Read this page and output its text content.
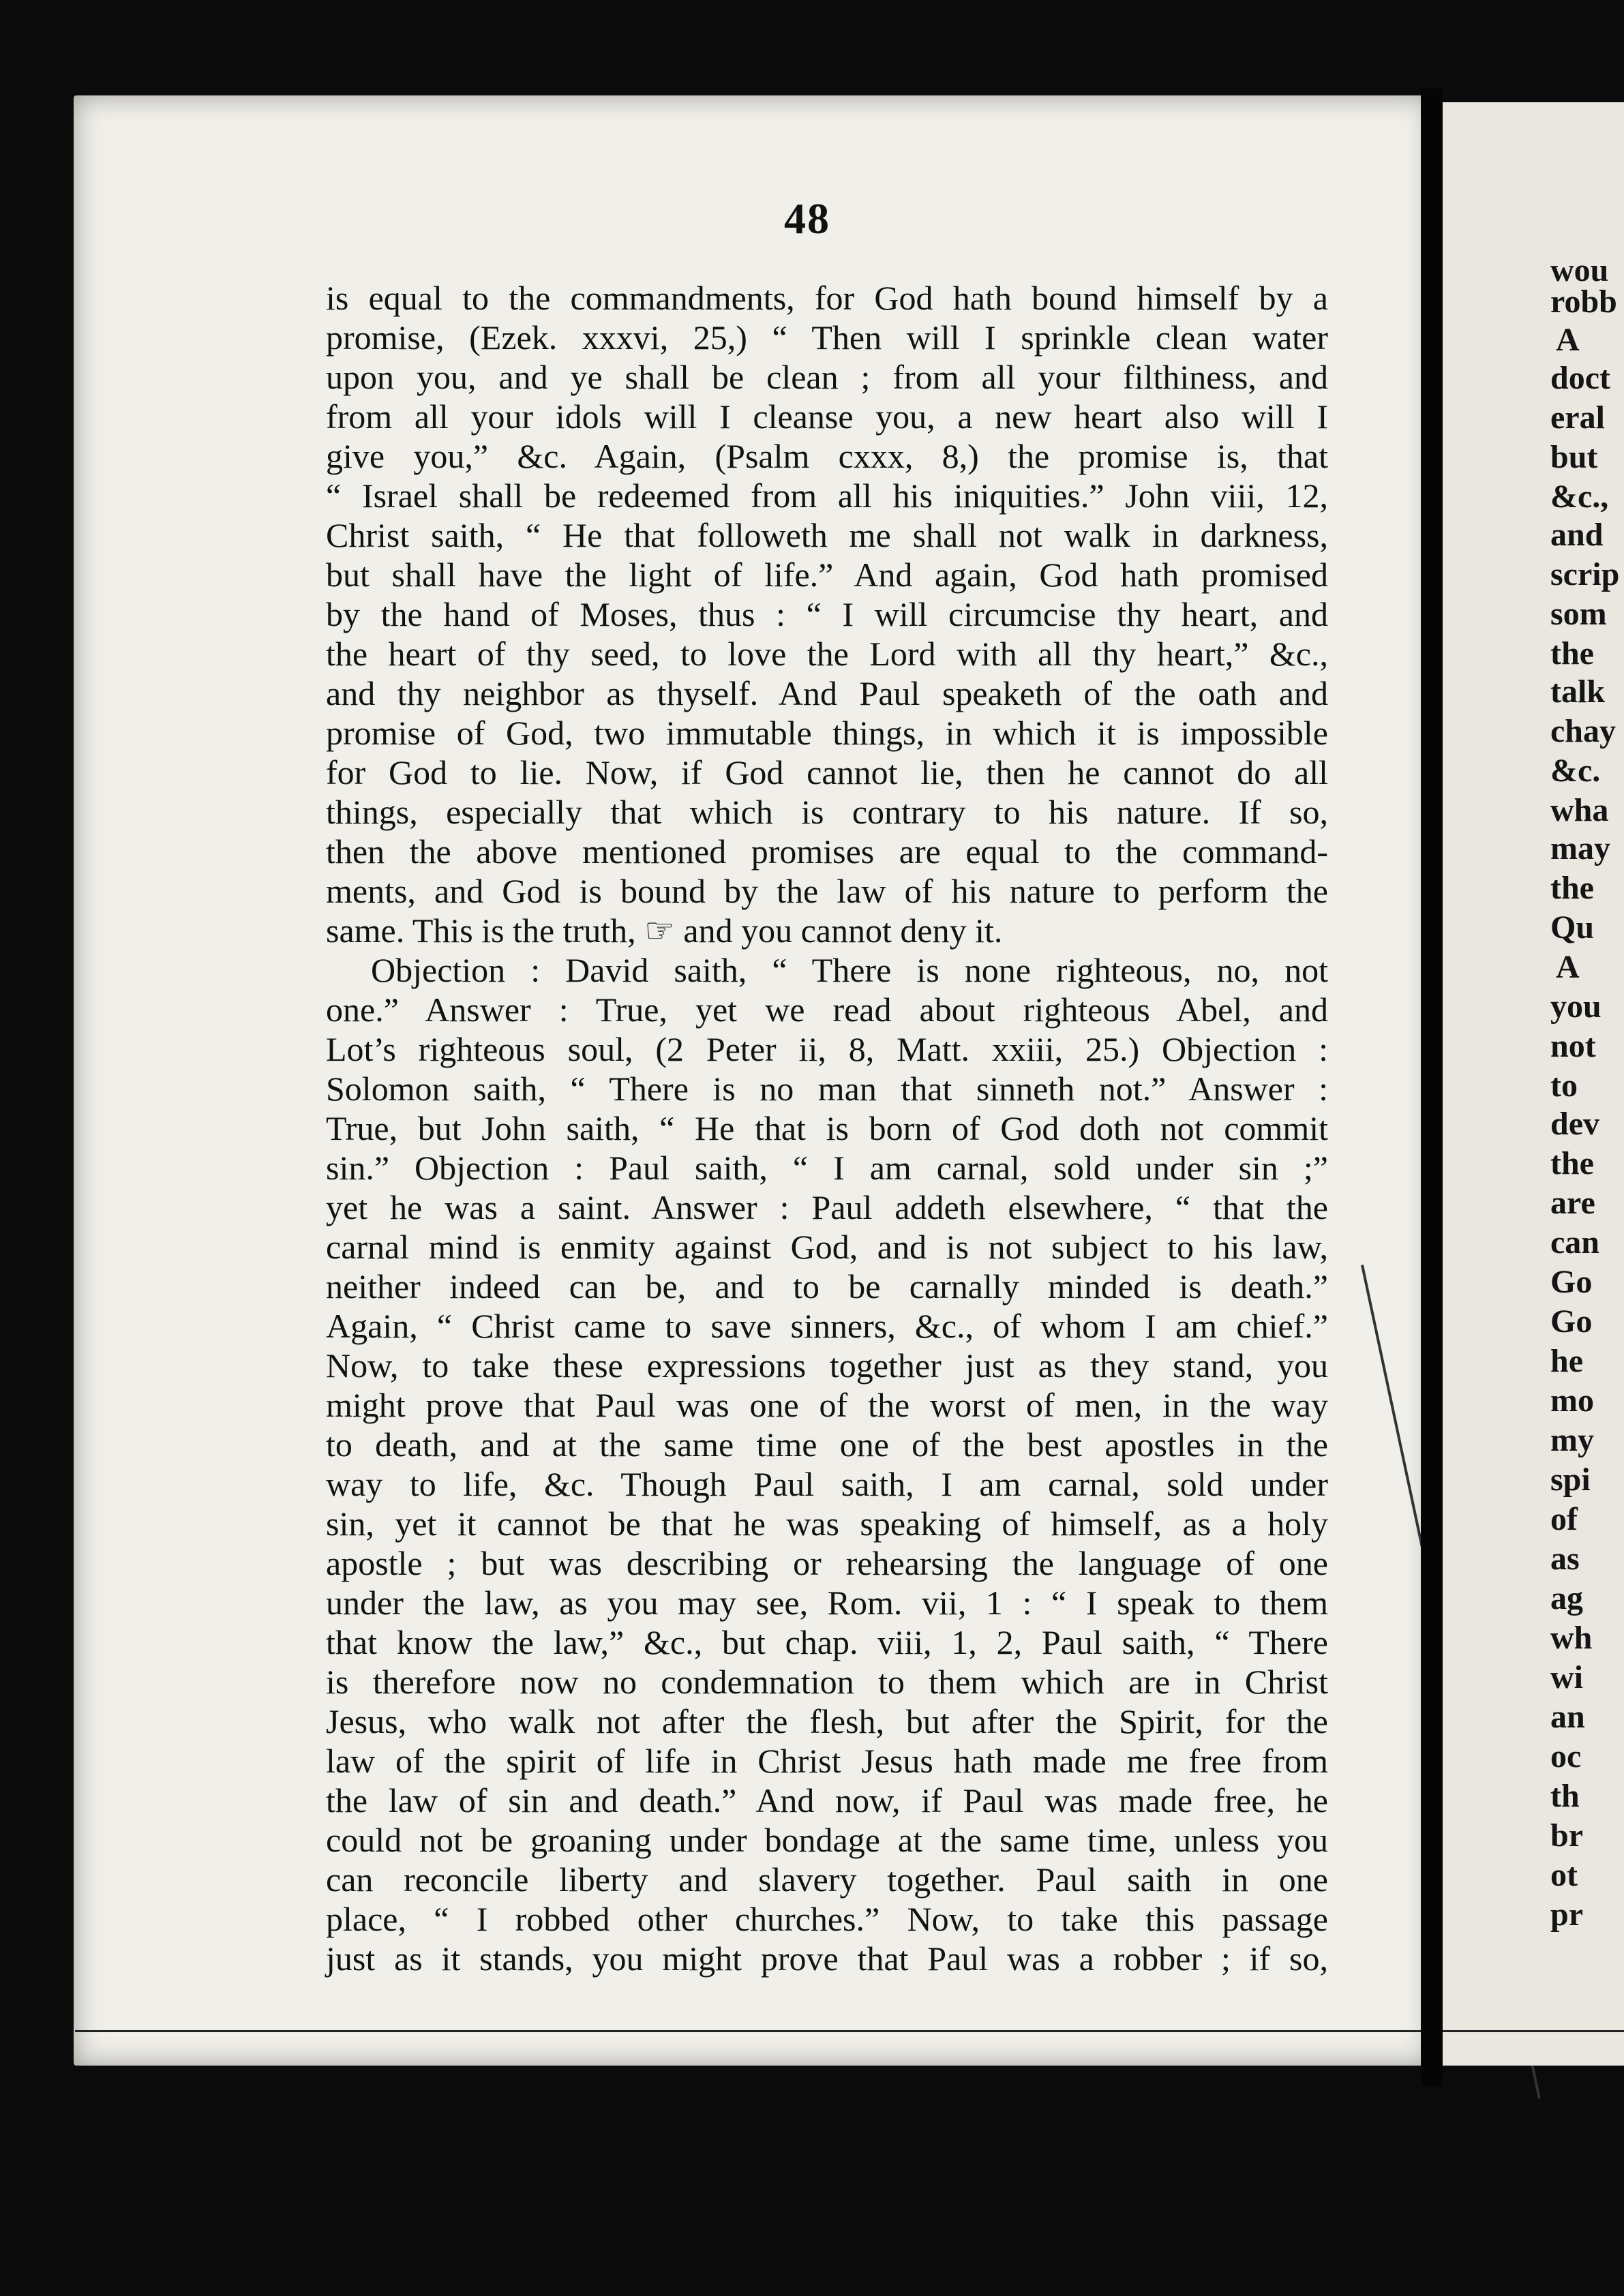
48
is equal to the commandments, for God hath bound himself by a
promise, (Ezek. xxxvi, 25,) “ Then will I sprinkle clean water
upon you, and ye shall be clean ; from all your filthiness, and
from all your idols will I cleanse you, a new heart also will I
give you,” &c. Again, (Psalm cxxx, 8,) the promise is, that
“ Israel shall be redeemed from all his iniquities.” John viii, 12,
Christ saith, “ He that followeth me shall not walk in darkness,
but shall have the light of life.” And again, God hath promised
by the hand of Moses, thus : “ I will circumcise thy heart, and
the heart of thy seed, to love the Lord with all thy heart,” &c.,
and thy neighbor as thyself. And Paul speaketh of the oath and
promise of God, two immutable things, in which it is impossible
for God to lie. Now, if God cannot lie, then he cannot do all
things, especially that which is contrary to his nature. If so,
then the above mentioned promises are equal to the command-
ments, and God is bound by the law of his nature to perform the
same. This is the truth, ☞ and you cannot deny it.
Objection : David saith, “ There is none righteous, no, not
one.” Answer : True, yet we read about righteous Abel, and
Lot’s righteous soul, (2 Peter ii, 8, Matt. xxiii, 25.) Objection :
Solomon saith, “ There is no man that sinneth not.” Answer :
True, but John saith, “ He that is born of God doth not commit
sin.” Objection : Paul saith, “ I am carnal, sold under sin ;”
yet he was a saint. Answer : Paul addeth elsewhere, “ that the
carnal mind is enmity against God, and is not subject to his law,
neither indeed can be, and to be carnally minded is death.”
Again, “ Christ came to save sinners, &c., of whom I am chief.”
Now, to take these expressions together just as they stand, you
might prove that Paul was one of the worst of men, in the way
to death, and at the same time one of the best apostles in the
way to life, &c. Though Paul saith, I am carnal, sold under
sin, yet it cannot be that he was speaking of himself, as a holy
apostle ; but was describing or rehearsing the language of one
under the law, as you may see, Rom. vii, 1 : “ I speak to them
that know the law,” &c., but chap. viii, 1, 2, Paul saith, “ There
is therefore now no condemnation to them which are in Christ
Jesus, who walk not after the flesh, but after the Spirit, for the
law of the spirit of life in Christ Jesus hath made me free from
the law of sin and death.” And now, if Paul was made free, he
could not be groaning under bondage at the same time, unless you
can reconcile liberty and slavery together. Paul saith in one
place, “ I robbed other churches.” Now, to take this passage
just as it stands, you might prove that Paul was a robber ; if so,
wou
robb
A
doct
eral
but
&c.,
and
scrip
som
the
talk
chay
&c.
wha
may
the
Qu
A
you
not
to
dev
the
are
can
Go
Go
he
mo
my
spi
of
as
ag
wh
wi
an
oc
th
br
ot
pr
